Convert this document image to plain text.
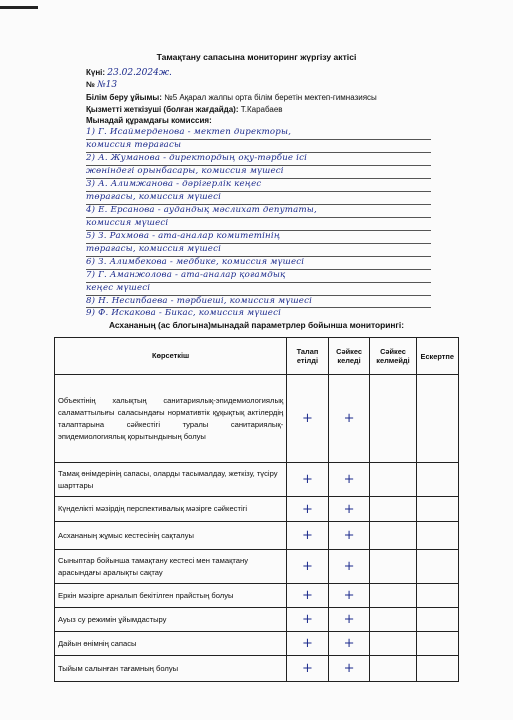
Тамақтану сапасына мониторинг жүргізу актісі
Күні: 23.02.2024ж.
№ №13
Білім беру ұйымы: №5 Ақарал жалпы орта білім беретін мектеп-гимназиясы
Қызметті жеткізуші (болған жағдайда): Т.Карабаев
Мынадай құрамдағы комиссия:
1) Г. Исаймерденова - мектеп директоры,
комиссия төрағасы
2) А. Жуманова - директордың оқу-тәрбие ісі
жөніндегі орынбасары, комиссия мүшесі
3) А. Алимжанова - дәрігерлік кеңес
төрағасы, комиссия мүшесі
4) Е. Ерсанова - аудандық мәслихат депутаты,
комиссия мүшесі
5) З. Рахмова - ата-аналар комитетінің
төрағасы, комиссия мүшесі
6) З. Алимбекова - медбике, комиссия мүшесі
7) Г. Аманжолова - ата-аналар қоғамдық
кеңес мүшесі
8) Н. Несипбаева - тәрбиеші, комиссия мүшесі
9) Ф. Искакова - Бикас, комиссия мүшесі
Асхананың (ас блогына)мынадай параметрлер бойынша мониторингі:
Көрсеткіш	Талап етілді	Сәйкес келеді	Сәйкес келмейді	Ескертпе
Объектінің халықтың санитариялық-эпидемиологиялық саламаттылығы саласындағы нормативтік құқықтық актілердің талаптарына сәйкестігі туралы санитариялық-эпидемиологиялық қорытындының болуы	+	+		
Тамақ өнімдерінің сапасы, оларды тасымалдау, жеткізу, түсіру шарттары	+	+		
Күнделікті мәзірдің перспективалық мәзірге сәйкестігі	+	+		
Асхананың жұмыс кестесінің сақталуы	+	+		
Сыныптар бойынша тамақтану кестесі мен тамақтану арасындағы аралықты сақтау	+	+		
Еркін мәзірге арналып бекітілген прайстың болуы	+	+		
Ауыз су режимін ұйымдастыру	+	+		
Дайын өнімнің сапасы	+	+		
Тыйым салынған тағамның болуы	+	+		
